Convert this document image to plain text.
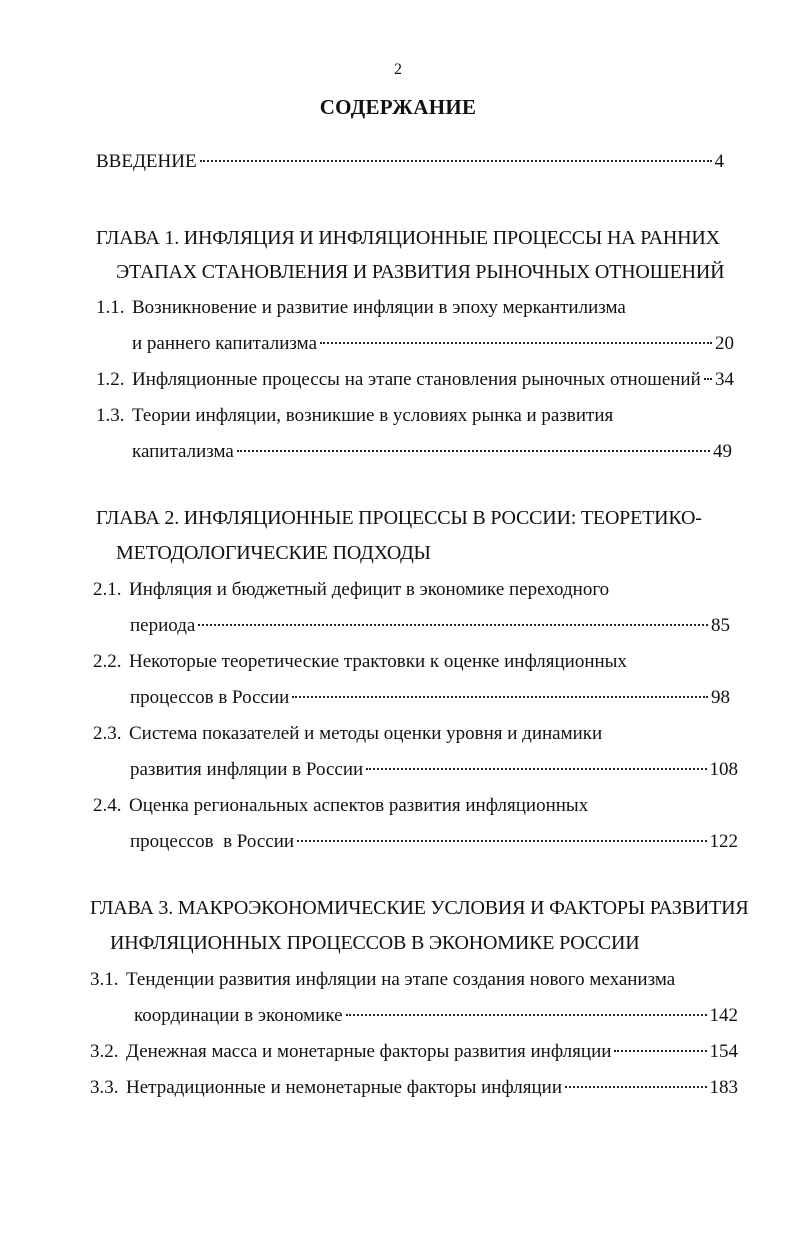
2
СОДЕРЖАНИЕ
ВВЕДЕНИЕ	4
ГЛАВА 1. ИНФЛЯЦИЯ И ИНФЛЯЦИОННЫЕ ПРОЦЕССЫ НА РАННИХ
ЭТАПАХ СТАНОВЛЕНИЯ И РАЗВИТИЯ РЫНОЧНЫХ ОТНОШЕНИЙ
1.1. Возникновение и развитие инфляции в эпоху меркантилизма
и раннего капитализма	20
1.2. Инфляционные процессы на этапе становления рыночных отношений 34
1.3. Теории инфляции, возникшие в условиях рынка и развития
капитализма	49
ГЛАВА 2. ИНФЛЯЦИОННЫЕ ПРОЦЕССЫ В РОССИИ: ТЕОРЕТИКО-
МЕТОДОЛОГИЧЕСКИЕ ПОДХОДЫ
2.1. Инфляция и бюджетный дефицит в экономике переходного
периода	85
2.2. Некоторые теоретические трактовки к оценке инфляционных
процессов в России	98
2.3. Система показателей и методы оценки уровня и динамики
развития инфляции в России	108
2.4. Оценка региональных аспектов развития инфляционных
процессов  в России	122
ГЛАВА 3. МАКРОЭКОНОМИЧЕСКИЕ УСЛОВИЯ И ФАКТОРЫ РАЗВИТИЯ
ИНФЛЯЦИОННЫХ ПРОЦЕССОВ В ЭКОНОМИКЕ РОССИИ
3.1. Тенденции развития инфляции на этапе создания нового механизма
координации в экономике	142
3.2. Денежная масса и монетарные факторы развития инфляции	154
3.3. Нетрадиционные и немонетарные факторы инфляции	183
